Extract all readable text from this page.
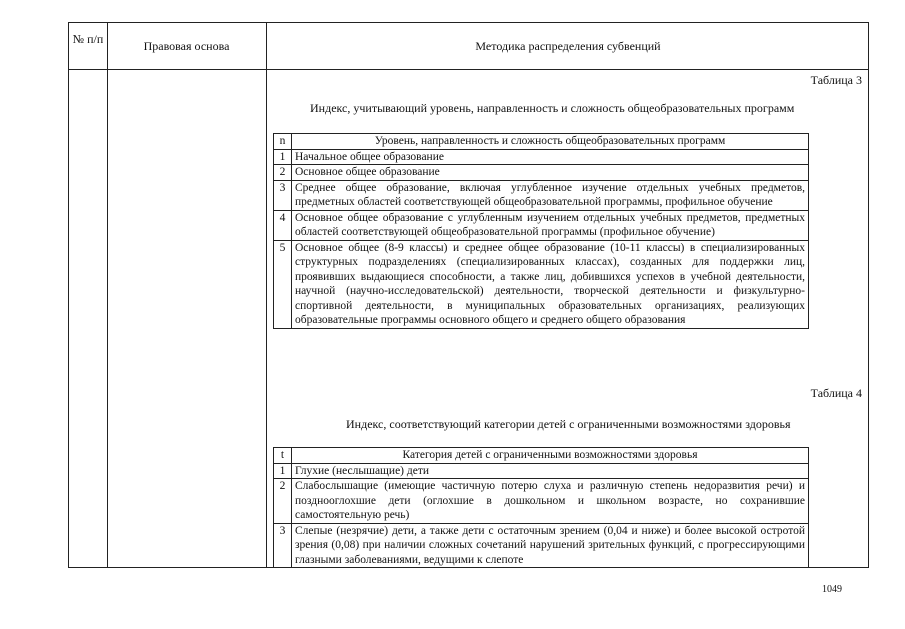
№ п/п	Правовая основа	Методика распределения субвенций
Таблица 3
Индекс, учитывающий уровень, направленность и сложность общеобразовательных программ
n	Уровень, направленность и сложность общеобразовательных программ
1	Начальное общее образование
2	Основное общее образование
3	Среднее общее образование, включая углубленное изучение отдельных учебных предметов, предметных областей соответствующей общеобразовательной программы, профильное обучение
4	Основное общее образование с углубленным изучением отдельных учебных предметов, предметных областей соответствующей общеобразовательной программы (профильное обучение)
5	Основное общее (8-9 классы) и среднее общее образование (10-11 классы) в специализированных структурных подразделениях (специализированных классах), созданных для поддержки лиц, проявивших выдающиеся способности, а также лиц, добившихся успехов в учебной деятельности, научной (научно-исследовательской) деятельности, творческой деятельности и физкультурно-спортивной деятельности, в муниципальных образовательных организациях, реализующих образовательные программы основного общего и среднего общего образования
Таблица 4
Индекс, соответствующий категории детей с ограниченными возможностями здоровья
t	Категория детей с ограниченными возможностями здоровья
1	Глухие (неслышащие) дети
2	Слабослышащие (имеющие частичную потерю слуха и различную степень недоразвития речи) и позднооглохшие дети (оглохшие в дошкольном и школьном возрасте, но сохранившие самостоятельную речь)
3	Слепые (незрячие) дети, а также дети с остаточным зрением (0,04 и ниже) и более высокой остротой зрения (0,08) при наличии сложных сочетаний нарушений зрительных функций, с прогрессирующими глазными заболеваниями, ведущими к слепоте
1049
